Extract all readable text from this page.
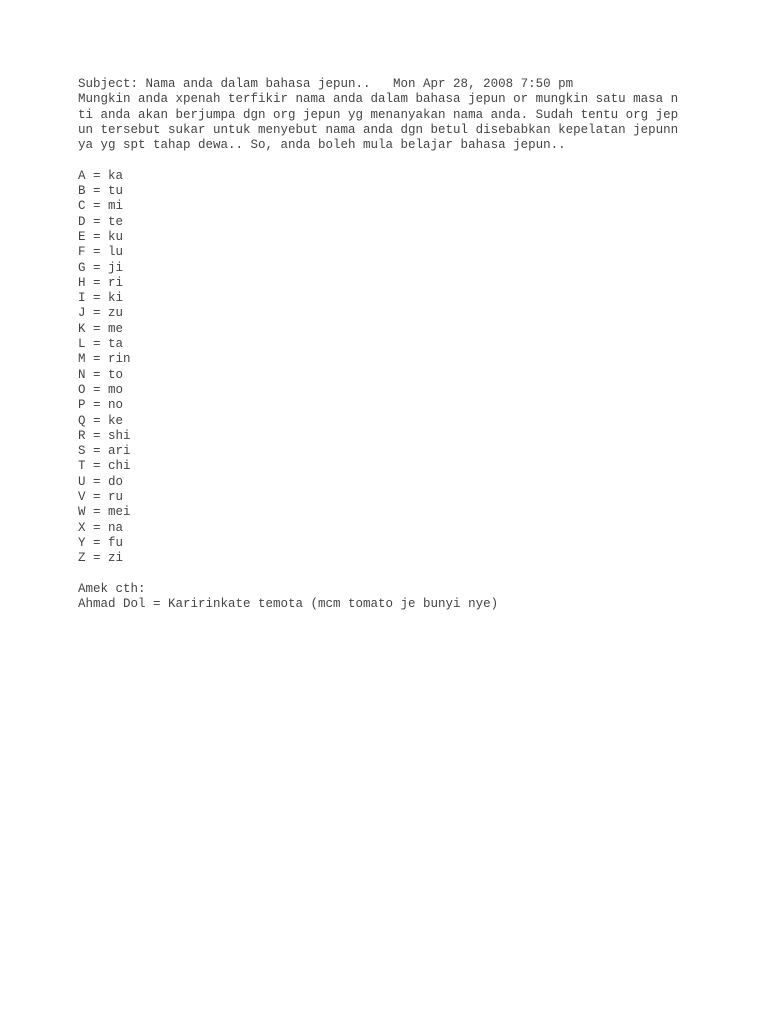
Subject: Nama anda dalam bahasa jepun..   Mon Apr 28, 2008 7:50 pm

Mungkin anda xpenah terfikir nama anda dalam bahasa jepun or mungkin satu masa n

ti anda akan berjumpa dgn org jepun yg menanyakan nama anda. Sudah tentu org jep

un tersebut sukar untuk menyebut nama anda dgn betul disebabkan kepelatan jepunn

ya yg spt tahap dewa.. So, anda boleh mula belajar bahasa jepun..

A = ka
B = tu
C = mi
D = te
E = ku
F = lu
G = ji
H = ri
I = ki
J = zu
K = me
L = ta
M = rin
N = to
O = mo
P = no
Q = ke
R = shi
S = ari
T = chi
U = do
V = ru
W = mei
X = na
Y = fu
Z = zi

Amek cth:

Ahmad Dol = Karirinkate temota (mcm tomato je bunyi nye)
